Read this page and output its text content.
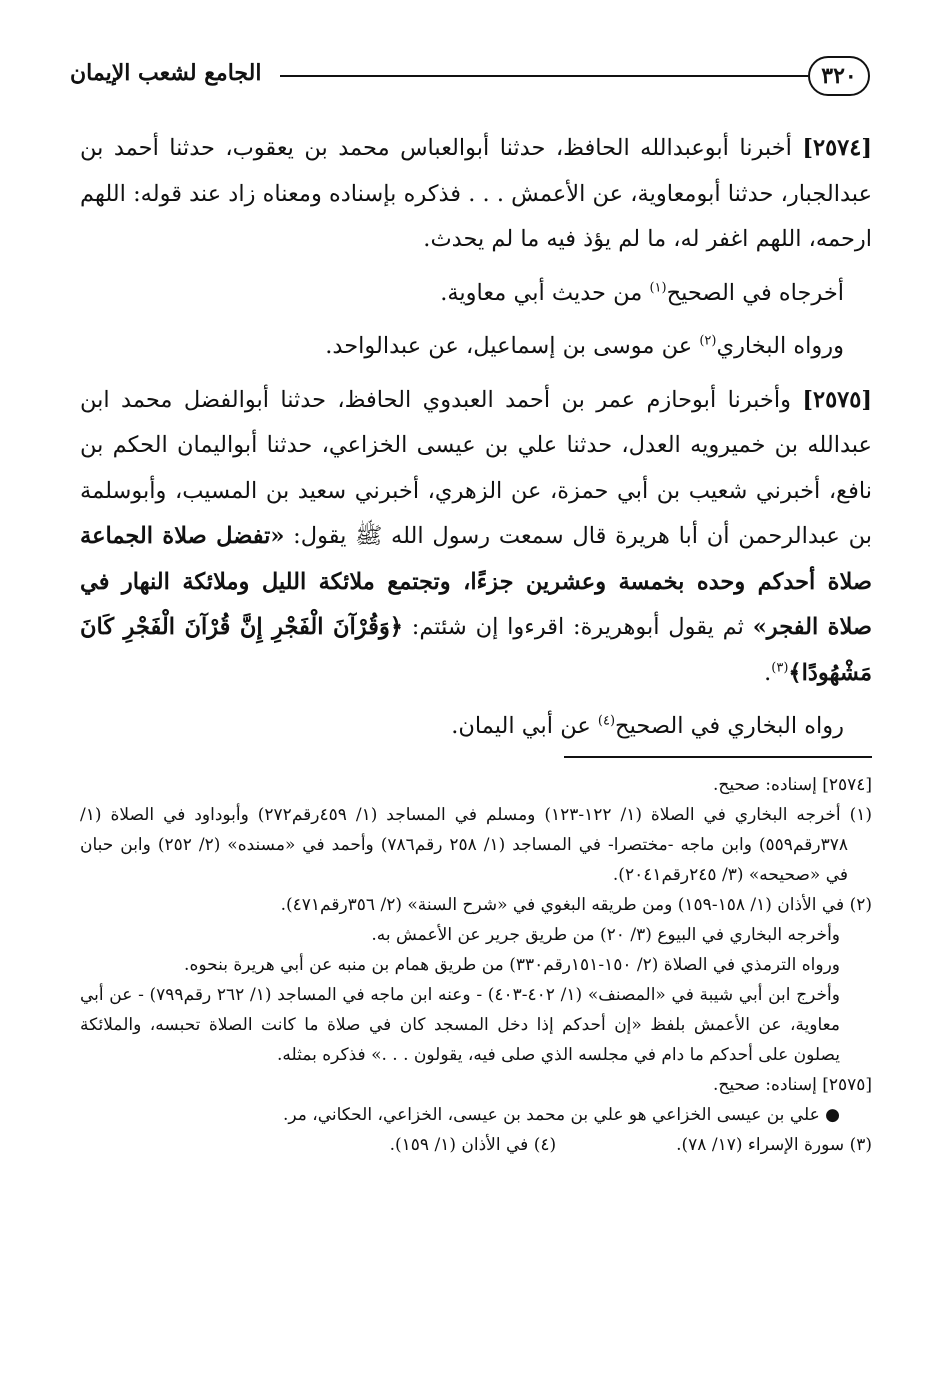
٣٢٠
الجامع لشعب الإيمان

[٢٥٧٤] أخبرنا أبوعبدالله الحافظ، حدثنا أبوالعباس محمد بن يعقوب، حدثنا أحمد بن عبدالجبار، حدثنا أبومعاوية، عن الأعمش . . . فذكره بإسناده ومعناه زاد عند قوله: اللهم ارحمه، اللهم اغفر له، ما لم يؤذ فيه ما لم يحدث.

أخرجاه في الصحيح$^{(١)}$ من حديث أبي معاوية.

ورواه البخاري$^{(٢)}$ عن موسى بن إسماعيل، عن عبدالواحد.

[٢٥٧٥] وأخبرنا أبوحازم عمر بن أحمد العبدوي الحافظ، حدثنا أبوالفضل محمد ابن عبدالله بن خميرويه العدل، حدثنا علي بن عيسى الخزاعي، حدثنا أبواليمان الحكم بن نافع، أخبرني شعيب بن أبي حمزة، عن الزهري، أخبرني سعيد بن المسيب، وأبوسلمة بن عبدالرحمن أن أبا هريرة قال سمعت رسول الله ﷺ يقول: «تفضل صلاة الجماعة صلاة أحدكم وحده بخمسة وعشرين جزءًا، وتجتمع ملائكة الليل وملائكة النهار في صلاة الفجر» ثم يقول أبوهريرة: اقرءوا إن شئتم: ﴿وَقُرْآنَ الْفَجْرِ إِنَّ قُرْآنَ الْفَجْرِ كَانَ مَشْهُودًا﴾$^{(٣)}$.

رواه البخاري في الصحيح$^{(٤)}$ عن أبي اليمان.

[٢٥٧٤] إسناده: صحيح.

(١) أخرجه البخاري في الصلاة (١/ ١٢٢-١٢٣) ومسلم في المساجد (١/ ٤٥٩رقم٢٧٢) وأبوداود في الصلاة (١/ ٣٧٨رقم٥٥٩) وابن ماجه -مختصرا- في المساجد (١/ ٢٥٨ رقم٧٨٦) وأحمد في «مسنده» (٢/ ٢٥٢) وابن حبان في «صحيحه» (٣/ ٢٤٥رقم٢٠٤١).

(٢) في الأذان (١/ ١٥٨-١٥٩) ومن طريقه البغوي في «شرح السنة» (٢/ ٣٥٦رقم٤٧١).

وأخرجه البخاري في البيوع (٣/ ٢٠) من طريق جرير عن الأعمش به.

ورواه الترمذي في الصلاة (٢/ ١٥٠-١٥١رقم٣٣٠) من طريق همام بن منبه عن أبي هريرة بنحوه.

وأخرج ابن أبي شيبة في «المصنف» (١/ ٤٠٢-٤٠٣) - وعنه ابن ماجه في المساجد (١/ ٢٦٢ رقم٧٩٩) - عن أبي معاوية، عن الأعمش بلفظ «إن أحدكم إذا دخل المسجد كان في صلاة ما كانت الصلاة تحبسه، والملائكة يصلون على أحدكم ما دام في مجلسه الذي صلى فيه، يقولون . . .» فذكره بمثله.

[٢٥٧٥] إسناده: صحيح.

● علي بن عيسى الخزاعي هو علي بن محمد بن عيسى، الخزاعي، الحكاني، مر.

(٣) سورة الإسراء (١٧/ ٧٨).
(٤) في الأذان (١/ ١٥٩).
